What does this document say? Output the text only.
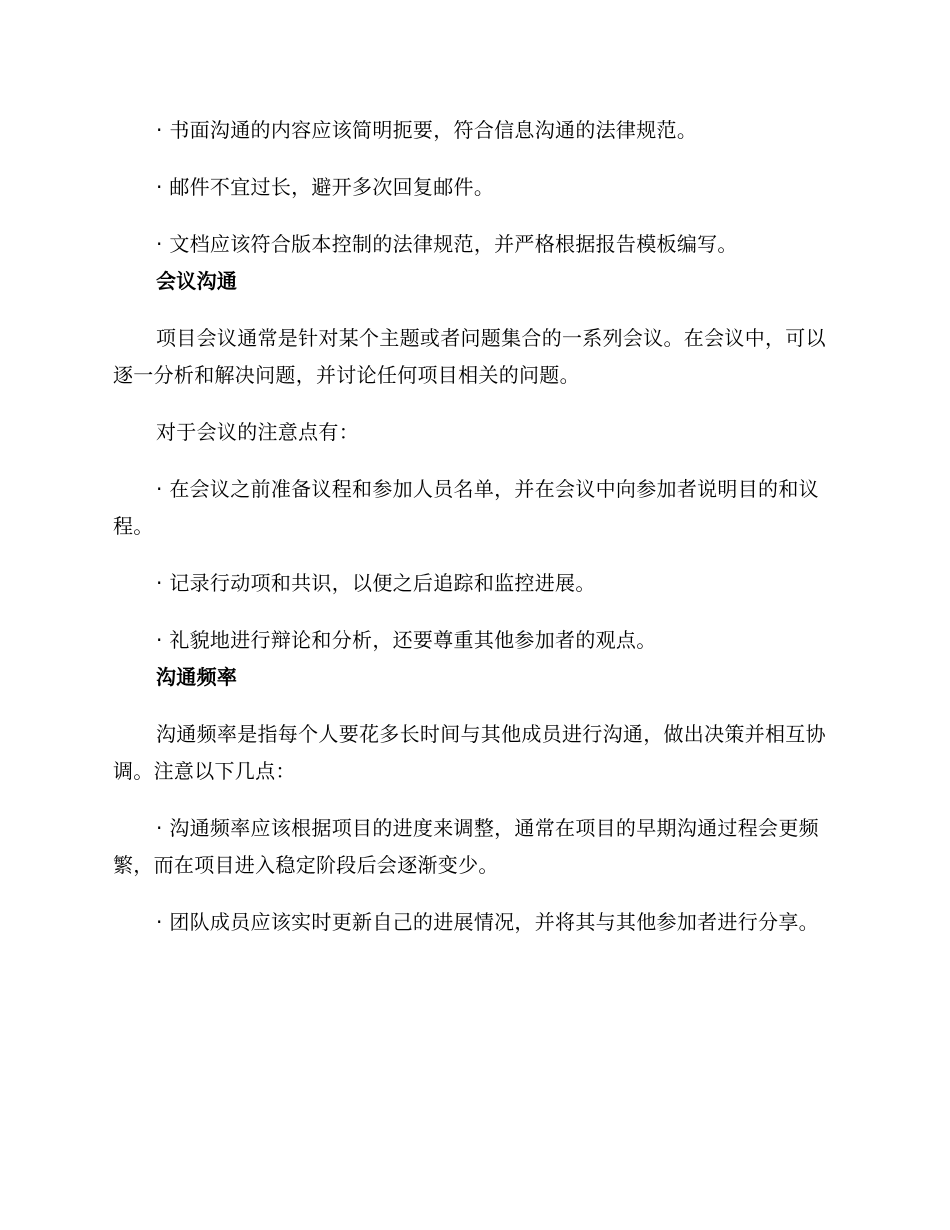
· 书面沟通的内容应该简明扼要，符合信息沟通的法律规范。

· 邮件不宜过长，避开多次回复邮件。

· 文档应该符合版本控制的法律规范，并严格根据报告模板编写。

会议沟通

项目会议通常是针对某个主题或者问题集合的一系列会议。在会议中，可以逐一分析和解决问题，并讨论任何项目相关的问题。

对于会议的注意点有：

· 在会议之前准备议程和参加人员名单，并在会议中向参加者说明目的和议程。

· 记录行动项和共识，以便之后追踪和监控进展。

· 礼貌地进行辩论和分析，还要尊重其他参加者的观点。

沟通频率

沟通频率是指每个人要花多长时间与其他成员进行沟通，做出决策并相互协调。注意以下几点：

· 沟通频率应该根据项目的进度来调整，通常在项目的早期沟通过程会更频繁，而在项目进入稳定阶段后会逐渐变少。

· 团队成员应该实时更新自己的进展情况，并将其与其他参加者进行分享。
